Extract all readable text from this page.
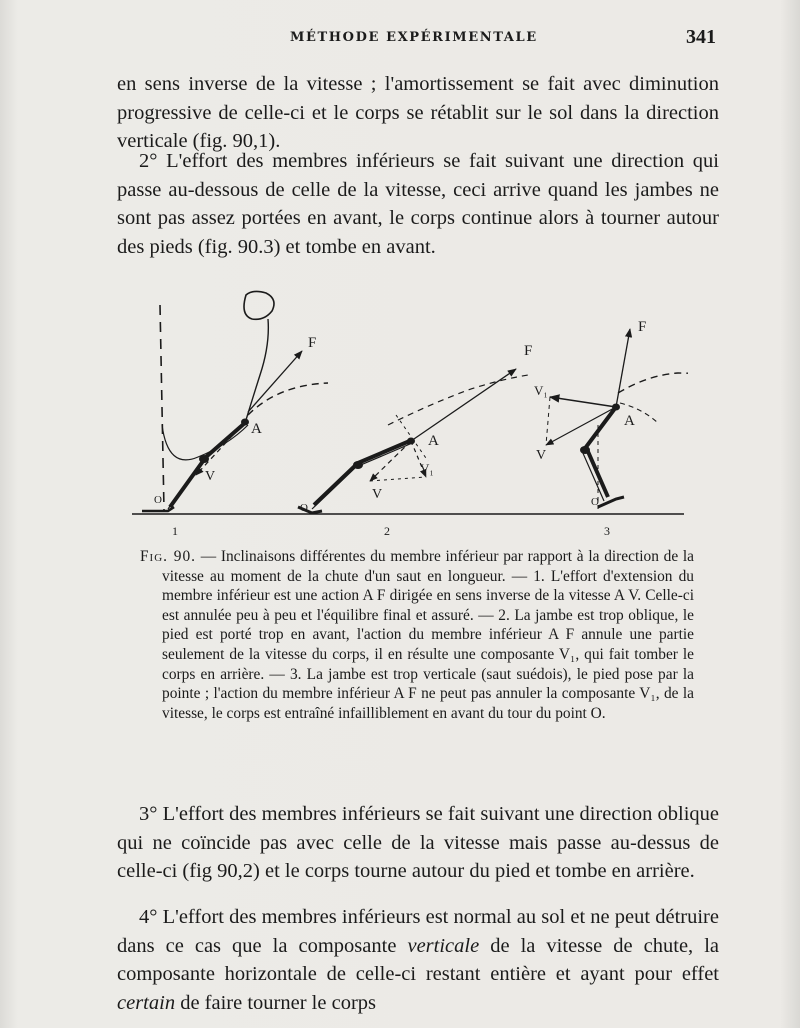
MÉTHODE EXPÉRIMENTALE	341

en sens inverse de la vitesse ; l'amortissement se fait avec diminution progressive de celle-ci et le corps se rétablit sur le sol dans la direction verticale (fig. 90,1).

2° L'effort des membres inférieurs se fait suivant une direction qui passe au-dessous de celle de la vitesse, ceci arrive quand les jambes ne sont pas assez portées en avant, le corps continue alors à tourner autour des pieds (fig. 90.3) et tombe en avant.

F
A
V
O
1
F
A
V
V₁
O
2
F
A
V
V₁
O
3

Fig. 90. — Inclinaisons différentes du membre inférieur par rapport à la direction de la vitesse au moment de la chute d'un saut en longueur. — 1. L'effort d'extension du membre inférieur est une action A F dirigée en sens inverse de la vitesse A V. Celle-ci est annulée peu à peu et l'équilibre final et assuré. — 2. La jambe est trop oblique, le pied est porté trop en avant, l'action du membre inférieur A F annule une partie seulement de la vitesse du corps, il en résulte une composante V₁, qui fait tomber le corps en arrière. — 3. La jambe est trop verticale (saut suédois), le pied pose par la pointe ; l'action du membre inférieur A F ne peut pas annuler la composante V₁, de la vitesse, le corps est entraîné infailliblement en avant du tour du point O.

3° L'effort des membres inférieurs se fait suivant une direction oblique qui ne coïncide pas avec celle de la vitesse mais passe au-dessus de celle-ci (fig 90,2) et le corps tourne autour du pied et tombe en arrière.

4° L'effort des membres inférieurs est normal au sol et ne peut détruire dans ce cas que la composante verticale de la vitesse de chute, la composante horizontale de celle-ci restant entière et ayant pour effet certain de faire tourner le corps
